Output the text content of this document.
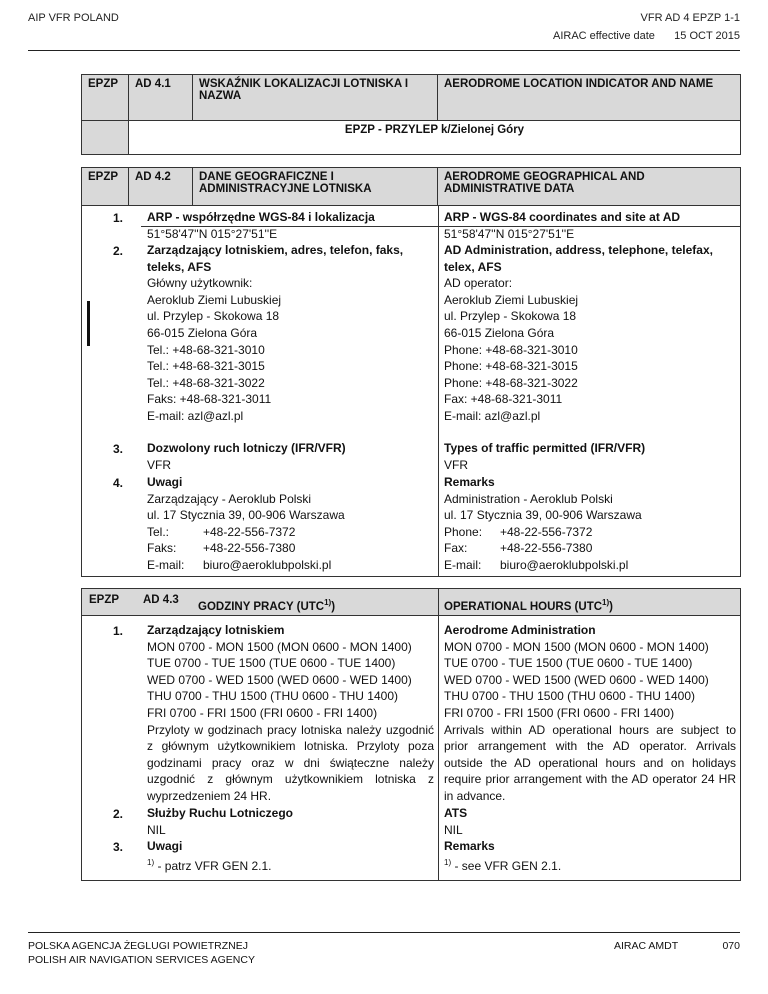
AIP VFR POLAND	VFR AD 4 EPZP 1-1
AIRAC effective date 15 OCT 2015
EPZP	AD 4.1	WSKAŹNIK LOKALIZACJI LOTNISKA I NAZWA	AERODROME LOCATION INDICATOR AND NAME
	EPZP - PRZYLEP k/Zielonej Góry		
EPZP	AD 4.2	DANE GEOGRAFICZNE I ADMINISTRACYJNE LOTNISKA	AERODROME GEOGRAPHICAL AND ADMINISTRATIVE DATA
1. ARP - współrzędne WGS-84 i lokalizacja
51°58'47''N 015°27'51''E
ARP - WGS-84 coordinates and site at AD
51°58'47''N 015°27'51''E
2. Zarządzający lotniskiem, adres, telefon, faks, teleks, AFS
Główny użytkownik:
Aeroklub Ziemi Lubuskiej
ul. Przylep - Skokowa 18
66-015 Zielona Góra
Tel.: +48-68-321-3010
Tel.: +48-68-321-3015
Tel.: +48-68-321-3022
Faks: +48-68-321-3011
E-mail: azl@azl.pl
AD Administration, address, telephone, telefax, telex, AFS
AD operator:
Aeroklub Ziemi Lubuskiej
ul. Przylep - Skokowa 18
66-015 Zielona Góra
Phone: +48-68-321-3010
Phone: +48-68-321-3015
Phone: +48-68-321-3022
Fax: +48-68-321-3011
E-mail: azl@azl.pl
3. Dozwolony ruch lotniczy (IFR/VFR)
VFR
Types of traffic permitted (IFR/VFR)
VFR
4. Uwagi
Zarządzający - Aeroklub Polski
ul. 17 Stycznia 39, 00-906 Warszawa
Tel.:	+48-22-556-7372
Faks:	+48-22-556-7380
E-mail:	biuro@aeroklubpolski.pl
Remarks
Administration - Aeroklub Polski
ul. 17 Stycznia 39, 00-906 Warszawa
Phone:	+48-22-556-7372
Fax:	+48-22-556-7380
E-mail:	biuro@aeroklubpolski.pl
EPZP AD 4.3
GODZINY PRACY (UTC$^{1)}$)	OPERATIONAL HOURS (UTC$^{1)}$)
1. Zarządzający lotniskiem
MON 0700 - MON 1500 (MON 0600 - MON 1400)
TUE 0700 - TUE 1500 (TUE 0600 - TUE 1400)
WED 0700 - WED 1500 (WED 0600 - WED 1400)
THU 0700 - THU 1500 (THU 0600 - THU 1400)
FRI 0700 - FRI 1500 (FRI 0600 - FRI 1400)
Przyloty w godzinach pracy lotniska należy uzgodnić z głównym użytkownikiem lotniska. Przyloty poza godzinami pracy oraz w dni świąteczne należy uzgodnić z głównym użytkownikiem lotniska z wyprzedzeniem 24 HR.
Aerodrome Administration
MON 0700 - MON 1500 (MON 0600 - MON 1400)
TUE 0700 - TUE 1500 (TUE 0600 - TUE 1400)
WED 0700 - WED 1500 (WED 0600 - WED 1400)
THU 0700 - THU 1500 (THU 0600 - THU 1400)
FRI 0700 - FRI 1500 (FRI 0600 - FRI 1400)
Arrivals within AD operational hours are subject to prior arrangement with the AD operator. Arrivals outside the AD operational hours and on holidays require prior arrangement with the AD operator 24 HR in advance.
2. Służby Ruchu Lotniczego
NIL
ATS
NIL
3. Uwagi
$^{1)}$ - patrz VFR GEN 2.1.
Remarks
$^{1)}$ - see VFR GEN 2.1.
POLSKA AGENCJA ŻEGLUGI POWIETRZNEJ
POLISH AIR NAVIGATION SERVICES AGENCY
AIRAC AMDT	070
